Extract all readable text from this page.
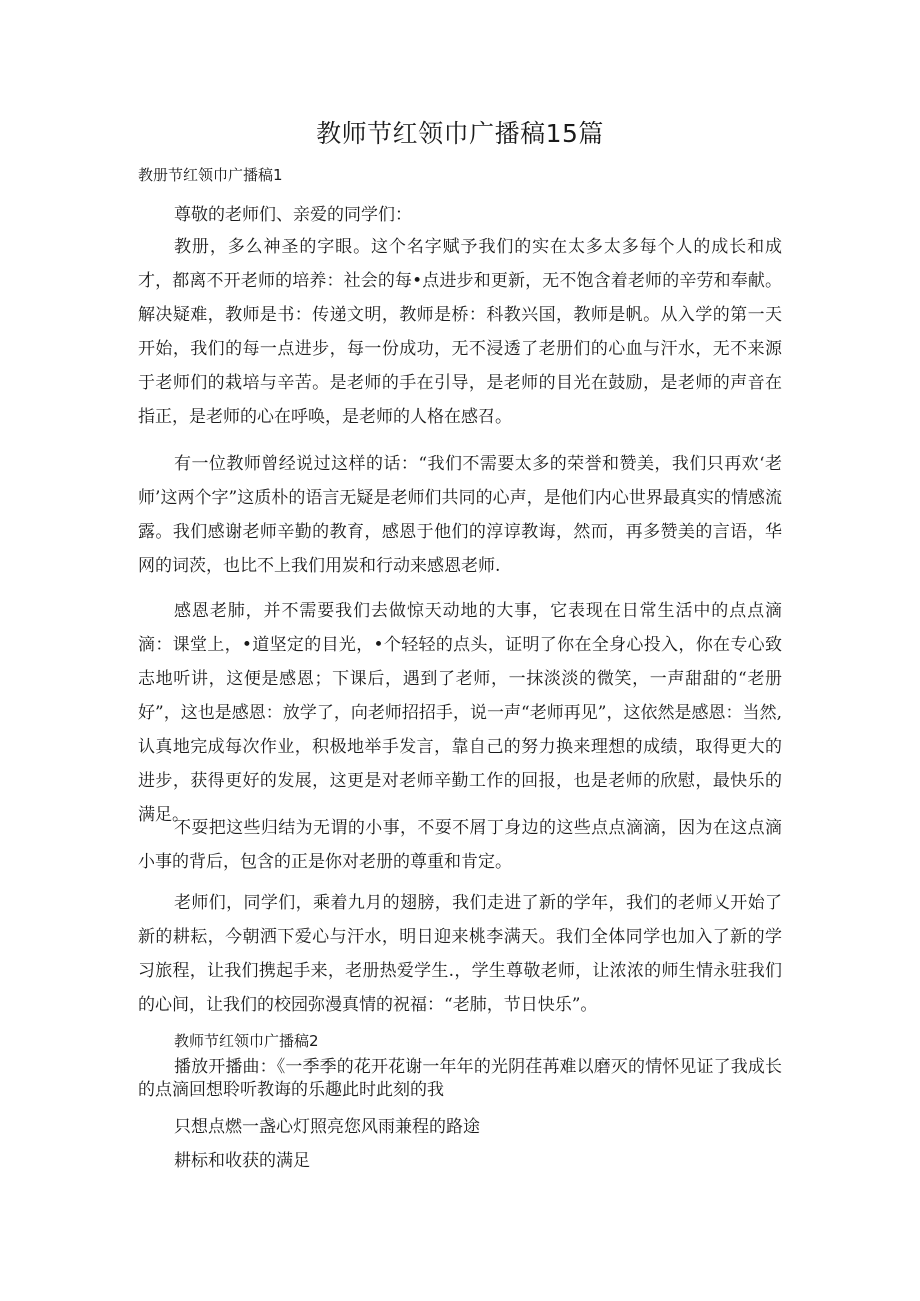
教师节红领巾广播稿15篇

教册节红领巾广播稿1

尊敬的老师们、亲爱的同学们：

教册，多么神圣的字眼。这个名字赋予我们的实在太多太多每个人的成长和成才，都离不开老师的培养：社会的每•点进步和更新，无不饱含着老师的辛劳和奉献。解决疑难，教师是书：传递文明，教师是桥：科教兴国，教师是帆。从入学的第一天开始，我们的每一点进步，每一份成功，无不浸透了老册们的心血与汗水，无不来源于老师们的栽培与辛苦。是老师的手在引导，是老师的目光在鼓励，是老师的声音在指正，是老师的心在呼唤，是老师的人格在感召。

有一位教师曾经说过这样的话：“我们不需要太多的荣誉和赞美，我们只再欢‘老师’这两个字”这质朴的语言无疑是老师们共同的心声，是他们内心世界最真实的情感流露。我们感谢老师辛勤的教育，感恩于他们的淳谆教诲，然而，再多赞美的言语，华网的词茨，也比不上我们用炭和行动来感恩老师.

感恩老肺，并不需要我们去做惊天动地的大事，它表现在日常生活中的点点滴滴：课堂上，•道坚定的目光，•个轻轻的点头，证明了你在全身心投入，你在专心致志地听讲，这便是感恩；下课后，遇到了老师，一抹淡淡的微笑，一声甜甜的“老册好”，这也是感恩：放学了，向老师招招手，说一声“老师再见”，这依然是感恩：当然,认真地完成每次作业，积极地举手发言，靠自己的努力换来理想的成绩，取得更大的进步，获得更好的发展，这更是对老师辛勤工作的回报，也是老师的欣慰，最快乐的满足。

不耍把这些归结为无谓的小事，不耍不屑丁身边的这些点点滴滴，因为在这点滴小事的背后，包含的正是你对老册的尊重和肯定。

老师们，同学们，乘着九月的翅膀，我们走进了新的学年，我们的老师乂开始了新的耕耘，今朝洒下爱心与汗水，明日迎来桃李满天。我们全体同学也加入了新的学习旅程，让我们携起手来，老册热爱学生.，学生尊敬老师，让浓浓的师生情永驻我们的心间，让我们的校园弥漫真情的祝福：“老肺，节日快乐”。

教师节红领巾广播稿2

播放开播曲：《一季季的花开花谢一年年的光阴荏苒难以磨灭的情怀见证了我成长的点滴回想聆听教诲的乐趣此时此刻的我

只想点燃一盏心灯照亮您风雨兼程的路途

耕标和收获的满足
